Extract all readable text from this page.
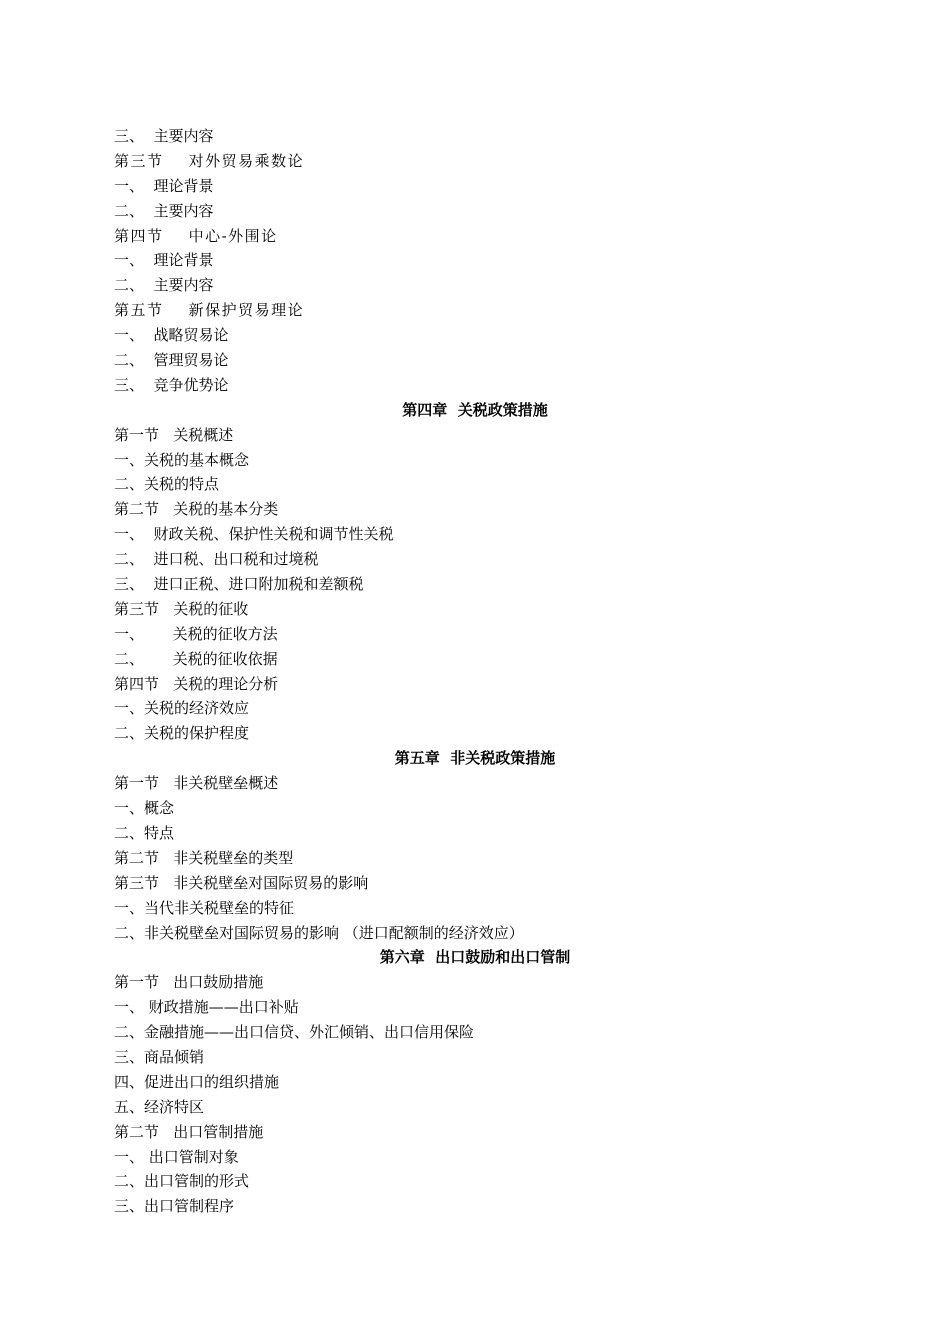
三、  主要内容
第三节    对外贸易乘数论
一、  理论背景
二、  主要内容
第四节    中心-外围论
一、  理论背景
二、  主要内容
第五节    新保护贸易理论
一、  战略贸易论
二、  管理贸易论
三、  竞争优势论
第四章  关税政策措施
第一节   关税概述
一、关税的基本概念
二、关税的特点
第二节   关税的基本分类
一、  财政关税、保护性关税和调节性关税
二、  进口税、出口税和过境税
三、  进口正税、进口附加税和差额税
第三节   关税的征收
一、      关税的征收方法
二、      关税的征收依据
第四节   关税的理论分析
一、关税的经济效应
二、关税的保护程度
第五章  非关税政策措施
第一节   非关税壁垒概述
一、概念
二、特点
第二节   非关税壁垒的类型
第三节   非关税壁垒对国际贸易的影响
一、当代非关税壁垒的特征
二、非关税壁垒对国际贸易的影响 （进口配额制的经济效应）
第六章  出口鼓励和出口管制
第一节   出口鼓励措施
一、 财政措施——出口补贴
二、金融措施——出口信贷、外汇倾销、出口信用保险
三、商品倾销
四、促进出口的组织措施
五、经济特区
第二节   出口管制措施
一、 出口管制对象
二、出口管制的形式
三、出口管制程序
